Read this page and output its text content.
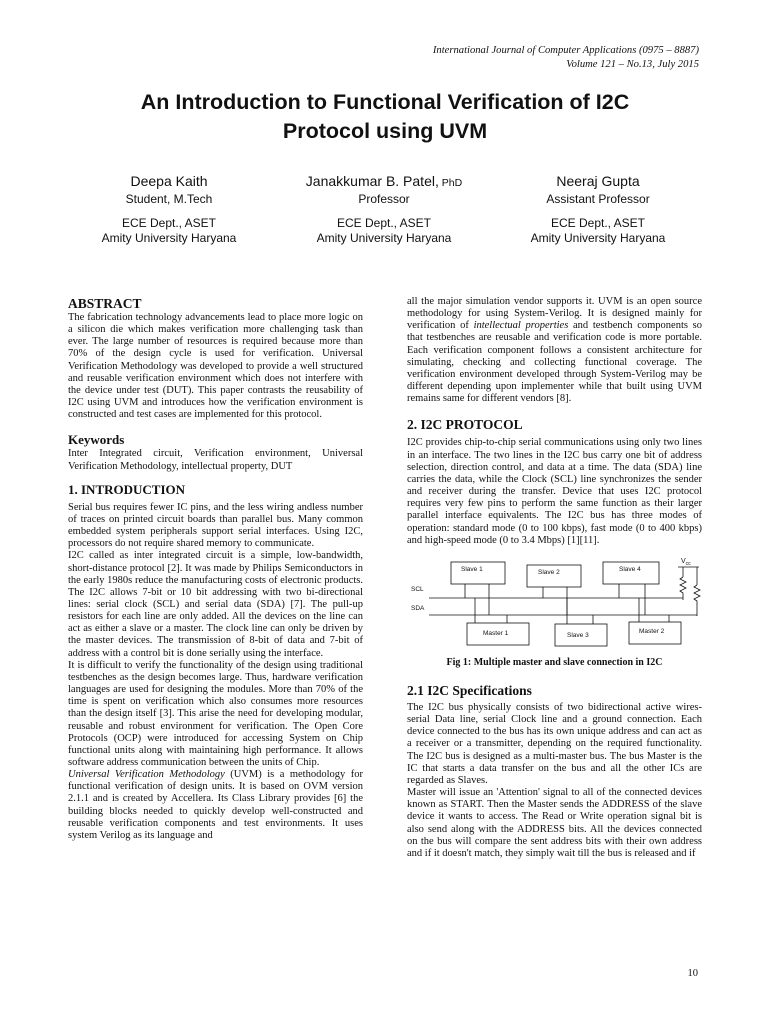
International Journal of Computer Applications (0975 – 8887)
Volume 121 – No.13, July 2015
An Introduction to Functional Verification of I2C
Protocol using UVM
Deepa Kaith
Student, M.Tech
ECE Dept., ASET
Amity University Haryana
Janakkumar B. Patel, PhD
Professor
ECE Dept., ASET
Amity University Haryana
Neeraj Gupta
Assistant Professor
ECE Dept., ASET
Amity University Haryana
ABSTRACT

The fabrication technology advancements lead to place more logic on a silicon die which makes verification more challenging task than ever. The large number of resources is required because more than 70% of the design cycle is used for verification. Universal Verification Methodology was developed to provide a well structured and reusable verification environment which does not interfere with the device under test (DUT). This paper contrasts the reusability of I2C using UVM and introduces how the verification environment is constructed and test cases are implemented for this protocol.

Keywords

Inter Integrated circuit, Verification environment, Universal Verification Methodology, intellectual property, DUT

1. INTRODUCTION

Serial bus requires fewer IC pins, and the less wiring andless number of traces on printed circuit boards than parallel bus. Many common embedded system peripherals support serial interfaces. Using I2C, processors do not require shared memory to communicate.

I2C called as inter integrated circuit is a simple, low-bandwidth, short-distance protocol [2]. It was made by Philips Semiconductors in the early 1980s reduce the manufacturing costs of electronic products. The I2C allows 7-bit or 10 bit addressing with two bi-directional lines: serial clock (SCL) and serial data (SDA) [7]. The pull-up resistors for each line are only added. All the devices on the line can act as either a slave or a master. The clock line can only be driven by the master devices. The transmission of 8-bit of data and 7-bit of address with a control bit is done serially using the interface.

It is difficult to verify the functionality of the design using traditional testbenches as the design becomes large. Thus, hardware verification languages are used for designing the modules. More than 70% of the time is spent on verification which also consumes more resources than the design itself [3]. This arise the need for developing modular, reusable and robust environment for verification. The Open Core Protocols (OCP) were introduced for accessing System on Chip functional units along with maintaining high performance. It allows software address communication between the units of Chip.

Universal Verification Methodology (UVM) is a methodology for functional verification of design units. It is based on OVM version 2.1.1 and is created by Accellera. Its Class Library provides [6] the building blocks needed to quickly develop well-constructed and reusable verification components and test environments. It uses system Verilog as its language and

all the major simulation vendor supports it. UVM is an open source methodology for using System-Verilog. It is designed mainly for verification of intellectual properties and testbench components so that testbenches are reusable and verification code is more portable. Each verification component follows a consistent architecture for simulating, checking and collecting functional coverage. The verification environment developed through System-Verilog may be different depending upon implementer while that built using UVM remains same for different vendors [8].

2. I2C PROTOCOL

I2C provides chip-to-chip serial communications using only two lines in an interface. The two lines in the I2C bus carry one bit of address selection, direction control, and data at a time. The data (SDA) line carries the data, while the Clock (SCL) line synchronizes the sender and receiver during the transfer. Device that uses I2C protocol requires very few pins to perform the same function as their larger parallel interface equivalents. The I2C bus has three modes of operation: standard mode (0 to 100 kbps), fast mode (0 to 400 kbps) and high-speed mode (0 to 3.4 Mbps) [1][11].

$V_{cc}$
Slave 1	Slave 2	Slave 4
SCL
SDA
Master 1	Slave 3
Master 2
Fig 1: Multiple master and slave connection in I2C
2.1 I2C Specifications

The I2C bus physically consists of two bidirectional active wires- serial Data line, serial Clock line and a ground connection. Each device connected to the bus has its own unique address and can act as a receiver or a transmitter, depending on the required functionality. The I2C bus is designed as a multi-master bus. The bus Master is the IC that starts a data transfer on the bus and all the other ICs are regarded as Slaves.

Master will issue an 'Attention' signal to all of the connected devices known as START. Then the Master sends the ADDRESS of the slave device it wants to access. The Read or Write operation signal bit is also send along with the ADDRESS bits. All the devices connected on the bus will compare the sent address bits with their own address and if it doesn't match, they simply wait till the bus is released and if

10
